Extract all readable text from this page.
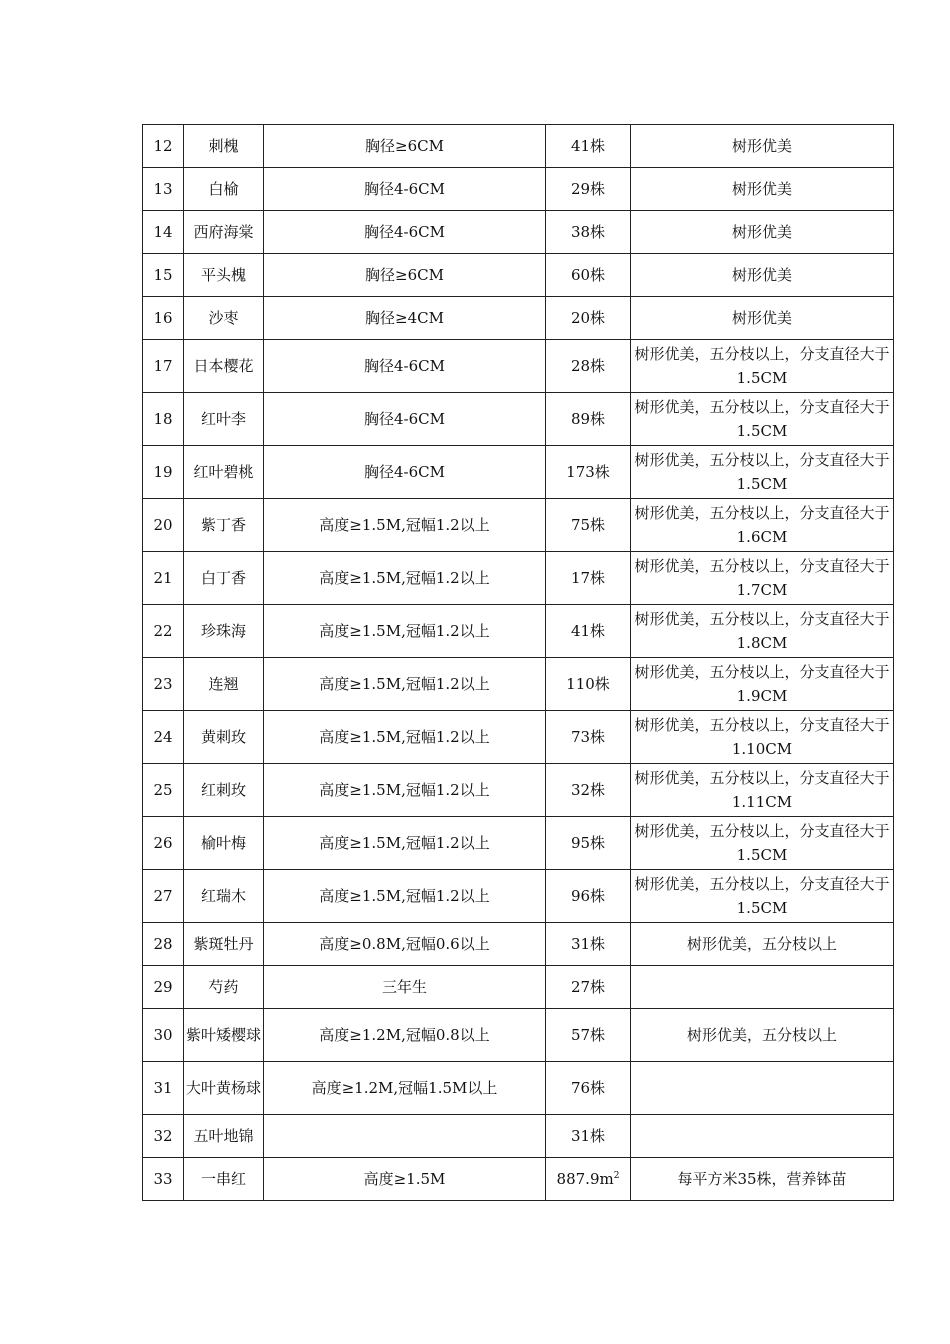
12	刺槐	胸径≥6CM	41株	树形优美
13	白榆	胸径4-6CM	29株	树形优美
14	西府海棠	胸径4-6CM	38株	树形优美
15	平头槐	胸径≥6CM	60株	树形优美
16	沙枣	胸径≥4CM	20株	树形优美
17	日本樱花	胸径4-6CM	28株	树形优美，五分枝以上，分支直径大于1.5CM
18	红叶李	胸径4-6CM	89株	树形优美，五分枝以上，分支直径大于1.5CM
19	红叶碧桃	胸径4-6CM	173株	树形优美，五分枝以上，分支直径大于1.5CM
20	紫丁香	高度≥1.5M,冠幅1.2以上	75株	树形优美，五分枝以上，分支直径大于1.6CM
21	白丁香	高度≥1.5M,冠幅1.2以上	17株	树形优美，五分枝以上，分支直径大于1.7CM
22	珍珠海	高度≥1.5M,冠幅1.2以上	41株	树形优美，五分枝以上，分支直径大于1.8CM
23	连翘	高度≥1.5M,冠幅1.2以上	110株	树形优美，五分枝以上，分支直径大于1.9CM
24	黄刺玫	高度≥1.5M,冠幅1.2以上	73株	树形优美，五分枝以上，分支直径大于1.10CM
25	红刺玫	高度≥1.5M,冠幅1.2以上	32株	树形优美，五分枝以上，分支直径大于1.11CM
26	榆叶梅	高度≥1.5M,冠幅1.2以上	95株	树形优美，五分枝以上，分支直径大于1.5CM
27	红瑞木	高度≥1.5M,冠幅1.2以上	96株	树形优美，五分枝以上，分支直径大于1.5CM
28	紫斑牡丹	高度≥0.8M,冠幅0.6以上	31株	树形优美，五分枝以上
29	芍药	三年生	27株	
30	紫叶矮樱球	高度≥1.2M,冠幅0.8以上	57株	树形优美，五分枝以上
31	大叶黄杨球	高度≥1.2M,冠幅1.5M以上	76株	
32	五叶地锦		31株	
33	一串红	高度≥1.5M	$887.9m^2$	每平方米35株，营养钵苗
